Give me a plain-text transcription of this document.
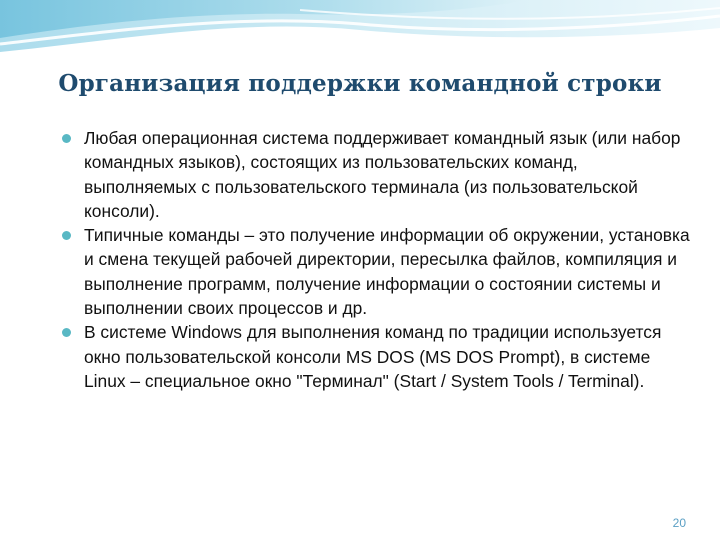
Организация поддержки командной строки
Любая операционная система поддерживает командный язык (или набор командных языков), состоящих из пользовательских команд, выполняемых с пользовательского терминала (из пользовательской консоли).
Типичные команды – это получение информации об окружении, установка и смена текущей рабочей директории, пересылка файлов, компиляция и выполнение программ, получение информации о состоянии системы и выполнении своих процессов и др.
В системе Windows для выполнения команд по традиции используется окно пользовательской консоли MS DOS (MS DOS Prompt), в системе Linux – специальное окно "Терминал" (Start / System Tools / Terminal).
20
